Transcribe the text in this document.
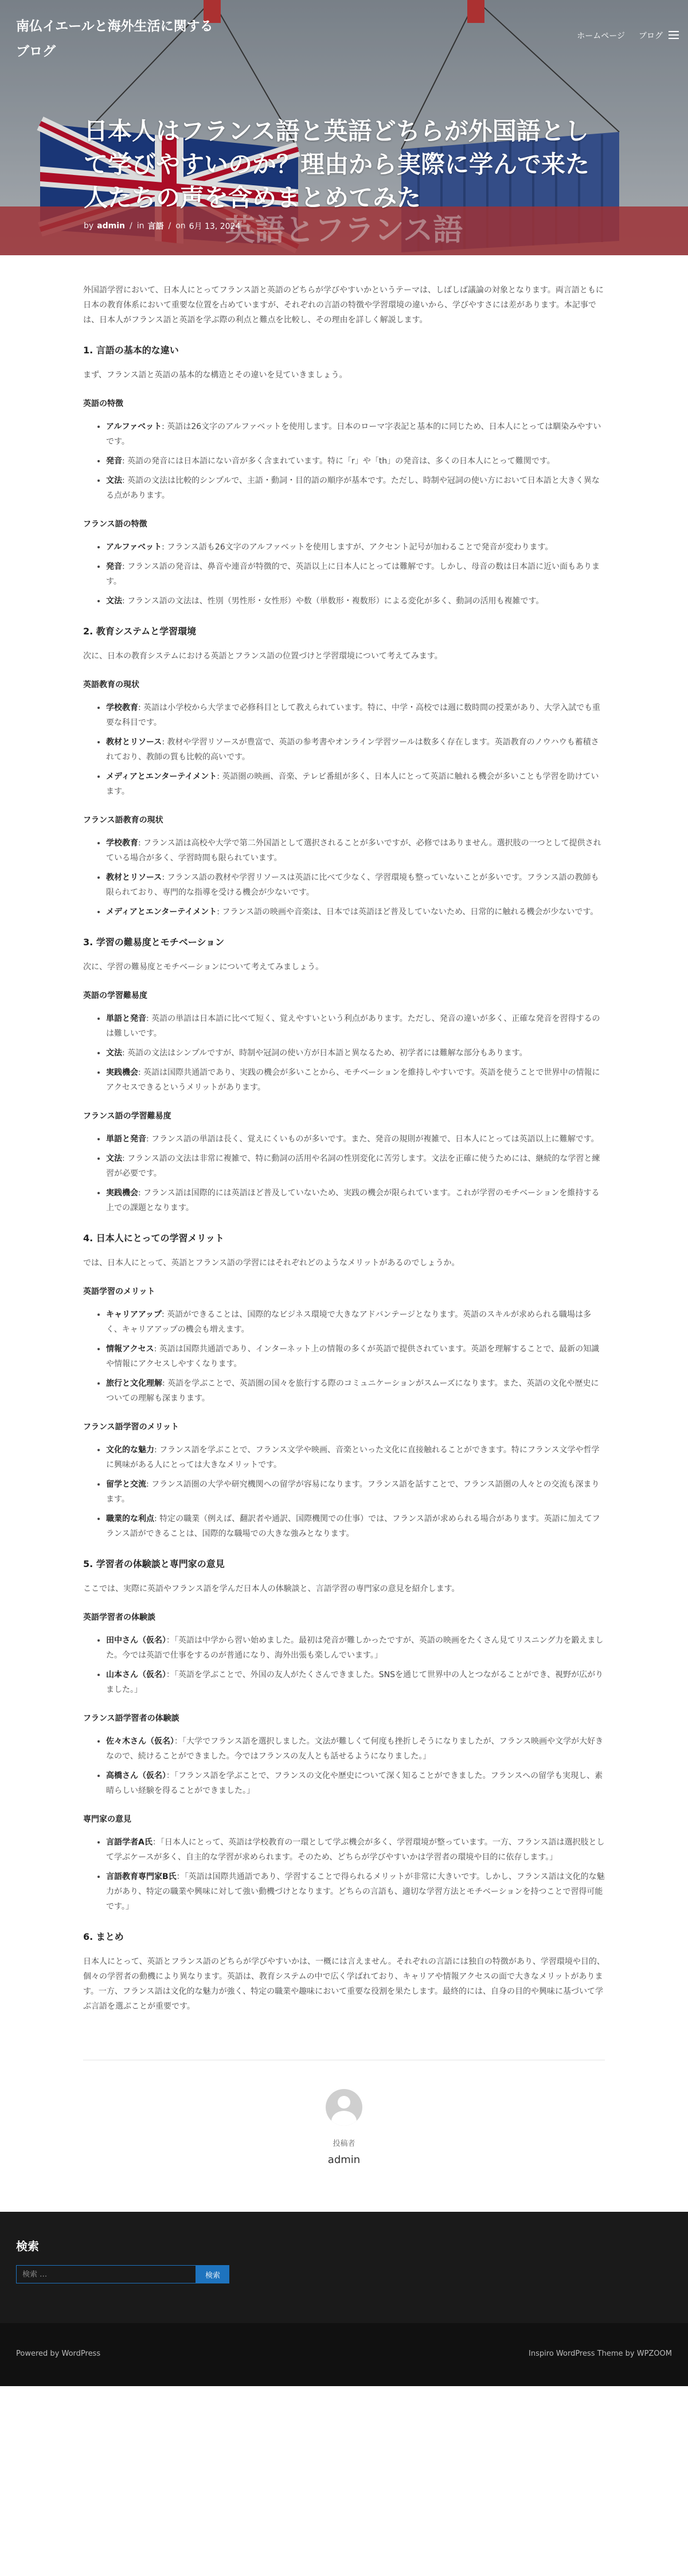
英語とフランス語
南仏イエールと海外生活に関するブログ
ホームページ ブログ
日本人はフランス語と英語どちらが外国語として学びやすいのか？理由から実際に学んで来た人たちの声を含めまとめてみた
by admin / in 言語 / on 6月 13, 2024

外国語学習において、日本人にとってフランス語と英語のどちらが学びやすいかというテーマは、しばしば議論の対象となります。両言語ともに日本の教育体系において重要な位置を占めていますが、それぞれの言語の特徴や学習環境の違いから、学びやすさには差があります。本記事では、日本人がフランス語と英語を学ぶ際の利点と難点を比較し、その理由を詳しく解説します。

1. 言語の基本的な違い

まず、フランス語と英語の基本的な構造とその違いを見ていきましょう。

英語の特徴
• アルファベット: 英語は26文字のアルファベットを使用します。日本のローマ字表記と基本的に同じため、日本人にとっては馴染みやすいです。
• 発音: 英語の発音には日本語にない音が多く含まれています。特に「r」や「th」の発音は、多くの日本人にとって難関です。
• 文法: 英語の文法は比較的シンプルで、主語・動詞・目的語の順序が基本です。ただし、時制や冠詞の使い方において日本語と大きく異なる点があります。
フランス語の特徴
• アルファベット: フランス語も26文字のアルファベットを使用しますが、アクセント記号が加わることで発音が変わります。
• 発音: フランス語の発音は、鼻音や連音が特徴的で、英語以上に日本人にとっては難解です。しかし、母音の数は日本語に近い面もあります。
• 文法: フランス語の文法は、性別（男性形・女性形）や数（単数形・複数形）による変化が多く、動詞の活用も複雑です。
2. 教育システムと学習環境

次に、日本の教育システムにおける英語とフランス語の位置づけと学習環境について考えてみます。

英語教育の現状
• 学校教育: 英語は小学校から大学まで必修科目として教えられています。特に、中学・高校では週に数時間の授業があり、大学入試でも重要な科目です。
• 教材とリソース: 教材や学習リソースが豊富で、英語の参考書やオンライン学習ツールは数多く存在します。英語教育のノウハウも蓄積されており、教師の質も比較的高いです。
• メディアとエンターテイメント: 英語圏の映画、音楽、テレビ番組が多く、日本人にとって英語に触れる機会が多いことも学習を助けています。
フランス語教育の現状
• 学校教育: フランス語は高校や大学で第二外国語として選択されることが多いですが、必修ではありません。選択肢の一つとして提供されている場合が多く、学習時間も限られています。
• 教材とリソース: フランス語の教材や学習リソースは英語に比べて少なく、学習環境も整っていないことが多いです。フランス語の教師も限られており、専門的な指導を受ける機会が少ないです。
• メディアとエンターテイメント: フランス語の映画や音楽は、日本では英語ほど普及していないため、日常的に触れる機会が少ないです。
3. 学習の難易度とモチベーション

次に、学習の難易度とモチベーションについて考えてみましょう。

英語の学習難易度
• 単語と発音: 英語の単語は日本語に比べて短く、覚えやすいという利点があります。ただし、発音の違いが多く、正確な発音を習得するのは難しいです。
• 文法: 英語の文法はシンプルですが、時制や冠詞の使い方が日本語と異なるため、初学者には難解な部分もあります。
• 実践機会: 英語は国際共通語であり、実践の機会が多いことから、モチベーションを維持しやすいです。英語を使うことで世界中の情報にアクセスできるというメリットがあります。
フランス語の学習難易度
• 単語と発音: フランス語の単語は長く、覚えにくいものが多いです。また、発音の規則が複雑で、日本人にとっては英語以上に難解です。
• 文法: フランス語の文法は非常に複雑で、特に動詞の活用や名詞の性別変化に苦労します。文法を正確に使うためには、継続的な学習と練習が必要です。
• 実践機会: フランス語は国際的には英語ほど普及していないため、実践の機会が限られています。これが学習のモチベーションを維持する上での課題となります。
4. 日本人にとっての学習メリット

では、日本人にとって、英語とフランス語の学習にはそれぞれどのようなメリットがあるのでしょうか。

英語学習のメリット
• キャリアアップ: 英語ができることは、国際的なビジネス環境で大きなアドバンテージとなります。英語のスキルが求められる職場は多く、キャリアアップの機会も増えます。
• 情報アクセス: 英語は国際共通語であり、インターネット上の情報の多くが英語で提供されています。英語を理解することで、最新の知識や情報にアクセスしやすくなります。
• 旅行と文化理解: 英語を学ぶことで、英語圏の国々を旅行する際のコミュニケーションがスムーズになります。また、英語の文化や歴史についての理解も深まります。
フランス語学習のメリット
• 文化的な魅力: フランス語を学ぶことで、フランス文学や映画、音楽といった文化に直接触れることができます。特にフランス文学や哲学に興味がある人にとっては大きなメリットです。
• 留学と交流: フランス語圏の大学や研究機関への留学が容易になります。フランス語を話すことで、フランス語圏の人々との交流も深まります。
• 職業的な利点: 特定の職業（例えば、翻訳者や通訳、国際機関での仕事）では、フランス語が求められる場合があります。英語に加えてフランス語ができることは、国際的な職場での大きな強みとなります。
5. 学習者の体験談と専門家の意見

ここでは、実際に英語やフランス語を学んだ日本人の体験談と、言語学習の専門家の意見を紹介します。

英語学習者の体験談
• 田中さん（仮名）：「英語は中学から習い始めました。最初は発音が難しかったですが、英語の映画をたくさん見てリスニング力を鍛えました。今では英語で仕事をするのが普通になり、海外出張も楽しんでいます。」
• 山本さん（仮名）：「英語を学ぶことで、外国の友人がたくさんできました。SNSを通じて世界中の人とつながることができ、視野が広がりました。」
フランス語学習者の体験談
• 佐々木さん（仮名）：「大学でフランス語を選択しました。文法が難しくて何度も挫折しそうになりましたが、フランス映画や文学が大好きなので、続けることができました。今ではフランスの友人とも話せるようになりました。」
• 高橋さん（仮名）：「フランス語を学ぶことで、フランスの文化や歴史について深く知ることができました。フランスへの留学も実現し、素晴らしい経験を得ることができました。」
専門家の意見
• 言語学者A氏：「日本人にとって、英語は学校教育の一環として学ぶ機会が多く、学習環境が整っています。一方、フランス語は選択肢として学ぶケースが多く、自主的な学習が求められます。そのため、どちらが学びやすいかは学習者の環境や目的に依存します。」
• 言語教育専門家B氏：「英語は国際共通語であり、学習することで得られるメリットが非常に大きいです。しかし、フランス語は文化的な魅力があり、特定の職業や興味に対して強い動機づけとなります。どちらの言語も、適切な学習方法とモチベーションを持つことで習得可能です。」
6. まとめ

日本人にとって、英語とフランス語のどちらが学びやすいかは、一概には言えません。それぞれの言語には独自の特徴があり、学習環境や目的、個々の学習者の動機により異なります。英語は、教育システムの中で広く学ばれており、キャリアや情報アクセスの面で大きなメリットがあります。一方、フランス語は文化的な魅力が強く、特定の職業や趣味において重要な役割を果たします。最終的には、自身の目的や興味に基づいて学ぶ言語を選ぶことが重要です。

投稿者
admin
検索
検索 …
検索
Powered by WordPress	Inspiro WordPress Theme by WPZOOM
